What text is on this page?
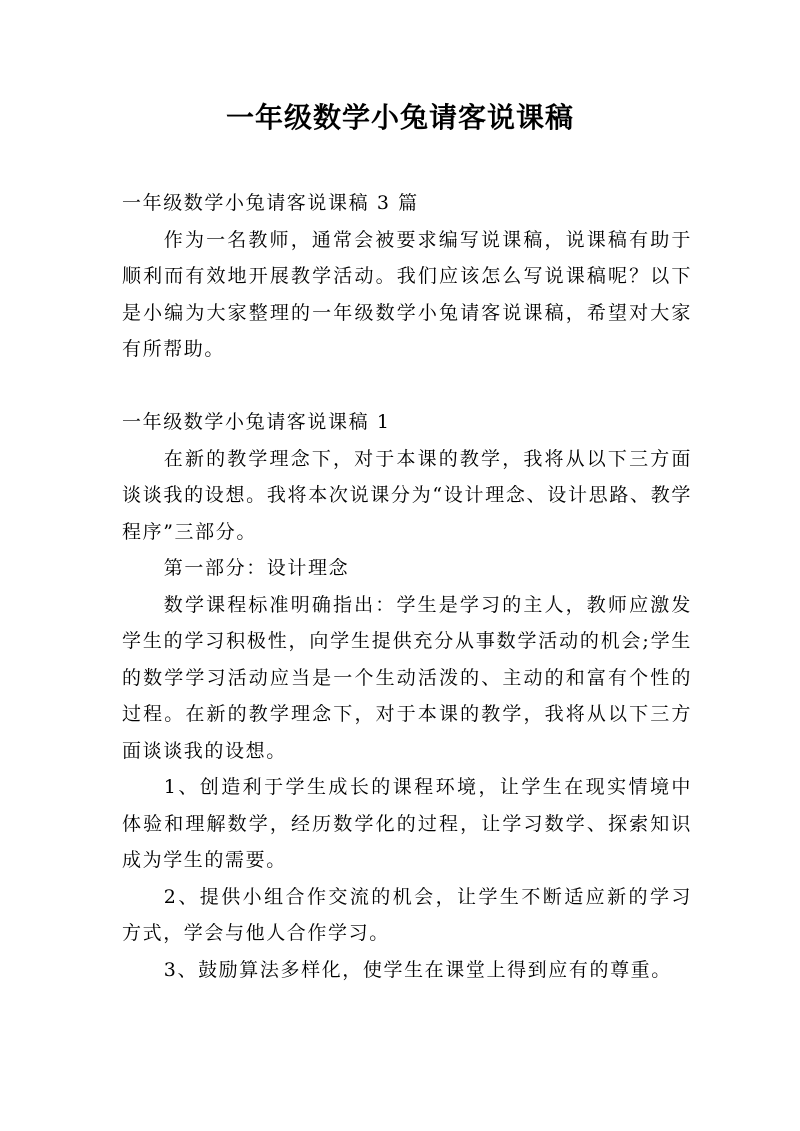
一年级数学小兔请客说课稿

一年级数学小兔请客说课稿 3 篇

作为一名教师，通常会被要求编写说课稿，说课稿有助于顺利而有效地开展教学活动。我们应该怎么写说课稿呢？以下是小编为大家整理的一年级数学小兔请客说课稿，希望对大家有所帮助。

一年级数学小兔请客说课稿 1

在新的教学理念下，对于本课的教学，我将从以下三方面谈谈我的设想。我将本次说课分为“设计理念、设计思路、教学程序”三部分。

第一部分：设计理念

数学课程标准明确指出：学生是学习的主人，教师应激发学生的学习积极性，向学生提供充分从事数学活动的机会;学生的数学学习活动应当是一个生动活泼的、主动的和富有个性的过程。在新的教学理念下，对于本课的教学，我将从以下三方面谈谈我的设想。

1、创造利于学生成长的课程环境，让学生在现实情境中体验和理解数学，经历数学化的过程，让学习数学、探索知识成为学生的需要。

2、提供小组合作交流的机会，让学生不断适应新的学习方式，学会与他人合作学习。

3、鼓励算法多样化，使学生在课堂上得到应有的尊重。
